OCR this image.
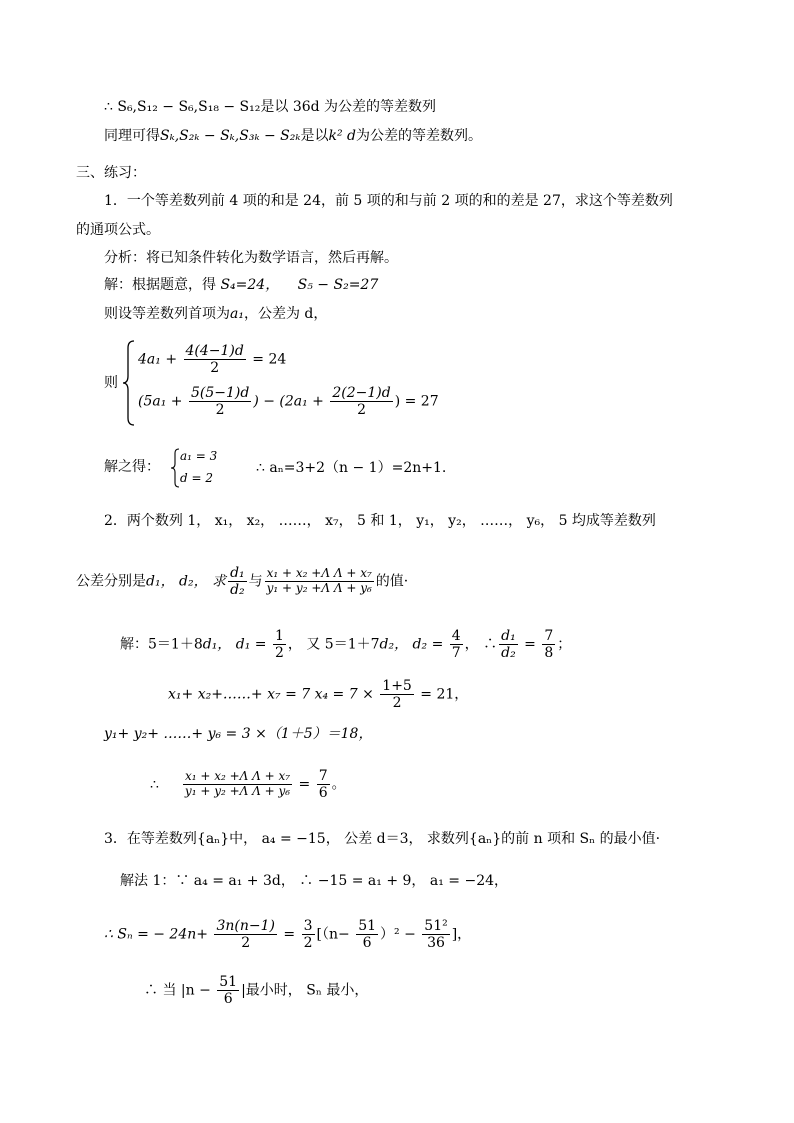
∴ S₆,S₁₂ − S₆,S₁₈ − S₁₂是以 36d 为公差的等差数列
同理可得Sₖ,S₂ₖ − Sₖ,S₃ₖ − S₂ₖ是以k² d为公差的等差数列。
三、练习：
1．一个等差数列前 4 项的和是 24，前 5 项的和与前 2 项的和的差是 27，求这个等差数列
的通项公式。
分析：将已知条件转化为数学语言，然后再解。
解：根据题意，得 S₄=24， S₅ − S₂=27
则设等差数列首项为a₁，公差为 d，
则
$4a_1 + \frac{4(4-1)d}{2} = 24$
($5a_1 + \frac{5(5-1)d}{2}$ ) − ($2a_1 + \frac{2(2-1)d}{2}$ ) = 27
解之得：
a₁ = 3
d = 2
∴ aₙ=3+2（n − 1）=2n+1.
2．两个数列 1， x₁， x₂， ……， x₇， 5 和 1， y₁， y₂， ……， y₆， 5 均成等差数列
公差分别是d₁， d₂， 求 $\frac{\text{d₁}}{\text{d₂}}$ 与 $\frac{\text{x₁ + x₂ +Λ Λ + x₇}}{\text{y₁ + y₂ +Λ Λ + y₆}}$ 的值·
解：5＝1＋8d₁， $d_1 = \frac{1}{2}$ ， 又 5＝1＋7d₂， $d_2 = \frac{4}{7}$ ， ∴ $\frac{\text{d₁}}{\text{d₂}} = \frac{7}{8}$ ；
x₁+ x₂+……+ x₇ = 7 $x_4 = 7 \times \frac{1+5}{2} = 21$，
y₁+ y₂+ ……+ y₆ = 3 ×（1＋5）＝18，
∴ $\frac{\text{x₁ + x₂ +Λ Λ + x₇}}{\text{y₁ + y₂ +Λ Λ + y₆}} = \frac{7}{6}$ 。
3．在等差数列{aₙ}中， a₄ = −15， 公差 d＝3， 求数列{aₙ}的前 n 项和 Sₙ 的最小值·
解法 1：∵ a₄ = a₁ + 3d， ∴ −15 = a₁ + 9， a₁ = −24，
∴ Sₙ = − $24n+ \frac{3n(n-1)}{2} = \frac{3}{2} [(n- \frac{51}{6} )^2 - \frac{\text{51²}}{36}$ ]，
∴ 当 $|n - \frac{51}{6}$ |最小时， Sₙ 最小，
